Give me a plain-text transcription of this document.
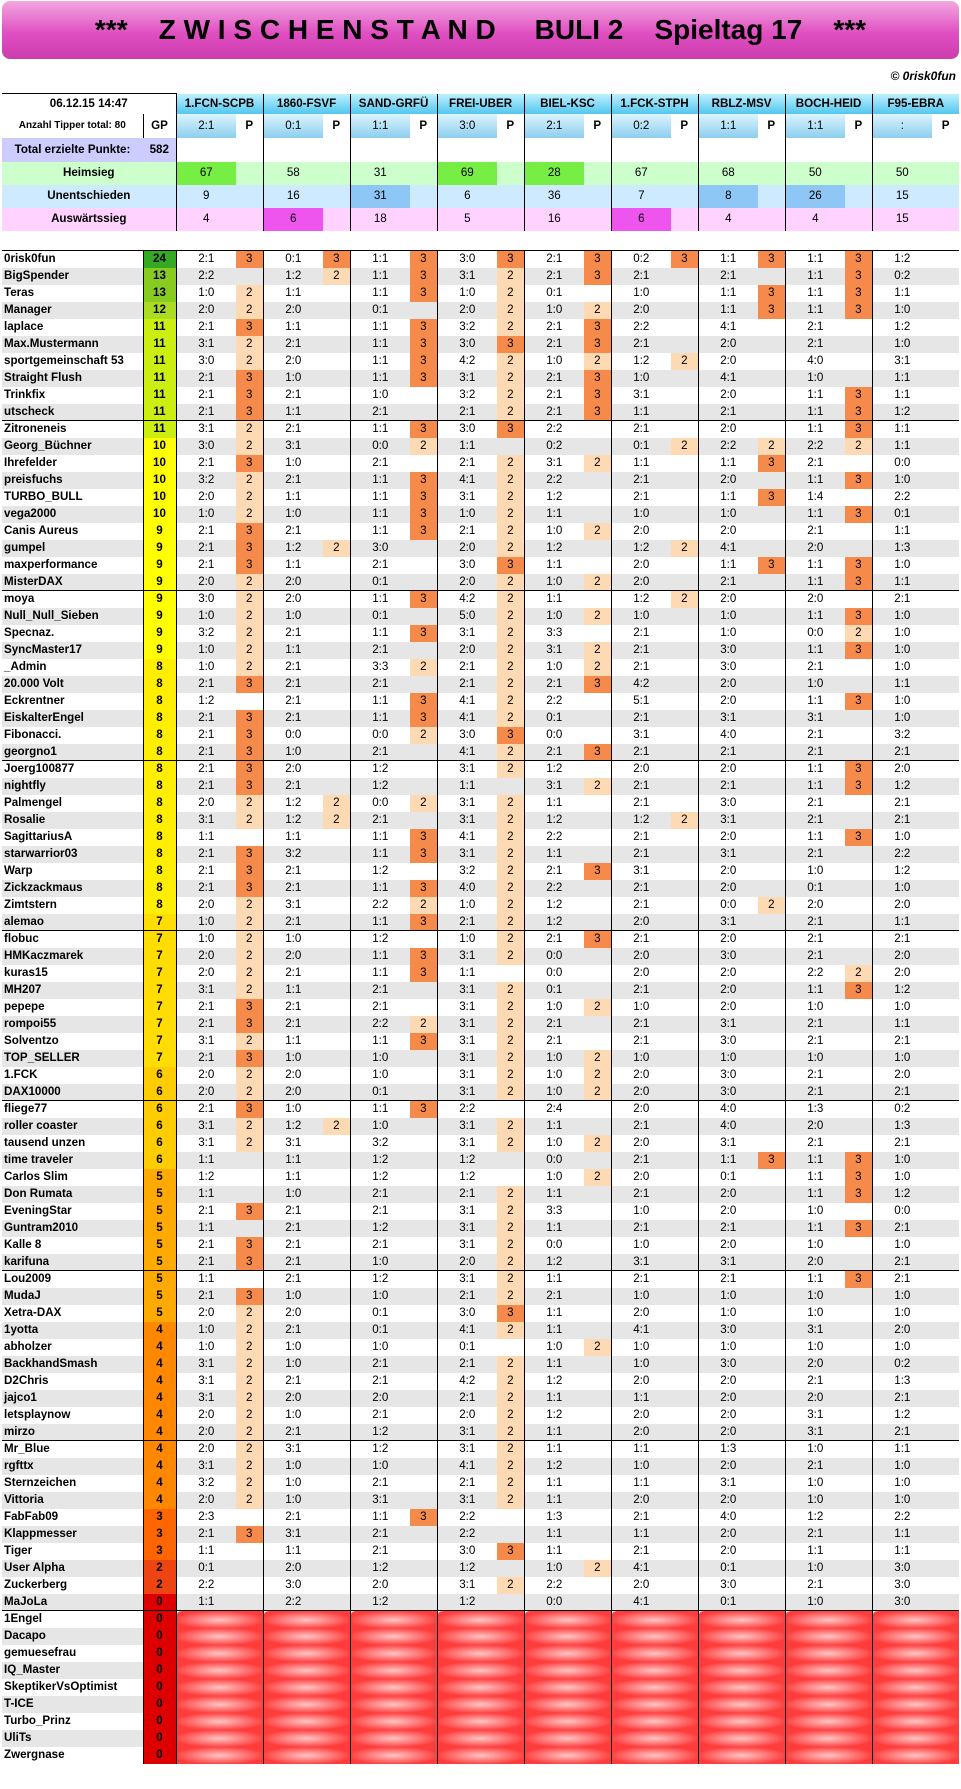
***    Z W I S C H E N S T A N D     BULI 2    Spieltag 17    ***
© 0risk0fun
06.12.15 14:47		1.FCN-SCPB		1860-FSVF		SAND-GRFÜ		FREI-UBER		BIEL-KSC		1.FCK-STPH		RBLZ-MSV		BOCH-HEID		F95-EBRA	
Anzahl Tipper total: 80	GP	2:1	P	0:1	P	1:1	P	3:0	P	2:1	P	0:2	P	1:1	P	1:1	P	:	P
Total erzielte Punkte:	582																		
Heimsieg		67		58		31		69		28		67		68		50		50	
Unentschieden		9		16		31		6		36		7		8		26		15	
Auswärtssieg		4		6		18		5		16		6		4		4		15	

0risk0fun	24	2:1	3	0:1	3	1:1	3	3:0	3	2:1	3	0:2	3	1:1	3	1:1	3	1:2	
BigSpender	13	2:2		1:2	2	1:1	3	3:1	2	2:1	3	2:1		2:1		1:1	3	0:2	
Teras	13	1:0	2	1:1		1:1	3	1:0	2	0:1		1:0		1:1	3	1:1	3	1:1	
Manager	12	2:0	2	2:0		0:1		2:0	2	1:0	2	2:0		1:1	3	1:1	3	1:0	
laplace	11	2:1	3	1:1		1:1	3	3:2	2	2:1	3	2:2		4:1		2:1		1:2	
Max.Mustermann	11	3:1	2	2:1		1:1	3	3:0	3	2:1	3	2:1		2:0		2:1		1:0	
sportgemeinschaft 53	11	3:0	2	2:0		1:1	3	4:2	2	1:0	2	1:2	2	2:0		4:0		3:1	
Straight Flush	11	2:1	3	1:0		1:1	3	3:1	2	2:1	3	1:0		4:1		1:0		1:1	
Trinkfix	11	2:1	3	2:1		1:0		3:2	2	2:1	3	3:1		2:0		1:1	3	1:1	
utscheck	11	2:1	3	1:1		2:1		2:1	2	2:1	3	1:1		2:1		1:1	3	1:2	
Zitroneneis	11	3:1	2	2:1		1:1	3	3:0	3	2:2		2:1		2:0		1:1	3	1:1	
Georg_Büchner	10	3:0	2	3:1		0:0	2	1:1		0:2		0:1	2	2:2	2	2:2	2	1:1	
Ihrefelder	10	2:1	3	1:0		2:1		2:1	2	3:1	2	1:1		1:1	3	2:1		0:0	
preisfuchs	10	3:2	2	2:1		1:1	3	4:1	2	2:2		2:1		2:0		1:1	3	1:0	
TURBO_BULL	10	2:0	2	1:1		1:1	3	3:1	2	1:2		2:1		1:1	3	1:4		2:2	
vega2000	10	1:0	2	1:0		1:1	3	1:0	2	1:1		1:0		1:0		1:1	3	0:1	
Canis Aureus	9	2:1	3	2:1		1:1	3	2:1	2	1:0	2	2:0		2:0		2:1		1:1	
gumpel	9	2:1	3	1:2	2	3:0		2:0	2	1:2		1:2	2	4:1		2:0		1:3	
maxperformance	9	2:1	3	1:1		2:1		3:0	3	1:1		2:0		1:1	3	1:1	3	1:0	
MisterDAX	9	2:0	2	2:0		0:1		2:0	2	1:0	2	2:0		2:1		1:1	3	1:1	
moya	9	3:0	2	2:0		1:1	3	4:2	2	1:1		1:2	2	2:0		2:0		2:1	
Null_Null_Sieben	9	1:0	2	1:0		0:1		5:0	2	1:0	2	1:0		1:0		1:1	3	1:0	
Specnaz.	9	3:2	2	2:1		1:1	3	3:1	2	3:3		2:1		1:0		0:0	2	1:0	
SyncMaster17	9	1:0	2	1:1		2:1		2:0	2	3:1	2	2:1		3:0		1:1	3	1:0	
_Admin	8	1:0	2	2:1		3:3	2	2:1	2	1:0	2	2:1		3:0		2:1		1:0	
20.000 Volt	8	2:1	3	2:1		2:1		2:1	2	2:1	3	4:2		2:0		1:0		1:1	
Eckrentner	8	1:2		2:1		1:1	3	4:1	2	2:2		5:1		2:0		1:1	3	1:0	
EiskalterEngel	8	2:1	3	2:1		1:1	3	4:1	2	0:1		2:1		3:1		3:1		1:0	
Fibonacci.	8	2:1	3	0:0		0:0	2	3:0	3	0:0		3:1		4:0		2:1		3:2	
georgno1	8	2:1	3	1:0		2:1		4:1	2	2:1	3	2:1		2:1		2:1		2:1	
Joerg100877	8	2:1	3	2:0		1:2		3:1	2	1:2		2:0		2:0		1:1	3	2:0	
nightfly	8	2:1	3	2:1		1:2		1:1		3:1	2	2:1		2:1		1:1	3	1:2	
Palmengel	8	2:0	2	1:2	2	0:0	2	3:1	2	1:1		2:1		3:0		2:1		2:1	
Rosalie	8	3:1	2	1:2	2	2:1		3:1	2	1:2		1:2	2	3:1		2:1		2:1	
SagittariusA	8	1:1		1:1		1:1	3	4:1	2	2:2		2:1		2:0		1:1	3	1:0	
starwarrior03	8	2:1	3	3:2		1:1	3	3:1	2	1:1		2:1		3:1		2:1		2:2	
Warp	8	2:1	3	2:1		1:2		3:2	2	2:1	3	3:1		2:0		1:0		1:2	
Zickzackmaus	8	2:1	3	2:1		1:1	3	4:0	2	2:2		2:1		2:0		0:1		1:0	
Zimtstern	8	2:0	2	3:1		2:2	2	1:0	2	1:2		2:1		0:0	2	2:0		2:0	
alemao	7	1:0	2	2:1		1:1	3	2:1	2	1:2		2:0		3:1		2:1		1:1	
flobuc	7	1:0	2	1:0		1:2		1:0	2	2:1	3	2:1		2:0		2:1		2:1	
HMKaczmarek	7	2:0	2	2:0		1:1	3	3:1	2	0:0		2:0		3:0		2:1		2:0	
kuras15	7	2:0	2	2:1		1:1	3	1:1		0:0		2:0		2:0		2:2	2	2:0	
MH207	7	3:1	2	1:1		2:1		3:1	2	0:1		2:1		2:0		1:1	3	1:2	
pepepe	7	2:1	3	2:1		2:1		3:1	2	1:0	2	1:0		2:0		1:0		1:0	
rompoi55	7	2:1	3	2:1		2:2	2	3:1	2	2:1		2:1		3:1		2:1		1:1	
Solventzo	7	3:1	2	1:1		1:1	3	3:1	2	2:1		2:1		3:0		2:1		2:1	
TOP_SELLER	7	2:1	3	1:0		1:0		3:1	2	1:0	2	1:0		1:0		1:0		1:0	
1.FCK	6	2:0	2	2:0		1:0		3:1	2	1:0	2	2:0		3:0		2:1		2:0	
DAX10000	6	2:0	2	2:0		0:1		3:1	2	1:0	2	2:0		3:0		2:1		2:1	
fliege77	6	2:1	3	1:0		1:1	3	2:2		2:4		2:0		4:0		1:3		0:2	
roller coaster	6	3:1	2	1:2	2	1:0		3:1	2	1:1		2:1		4:0		2:0		1:3	
tausend unzen	6	3:1	2	3:1		3:2		3:1	2	1:0	2	2:0		3:1		2:1		2:1	
time traveler	6	1:1		1:1		1:2		1:2		0:0		2:1		1:1	3	1:1	3	1:0	
Carlos Slim	5	1:2		1:1		1:2		1:2		1:0	2	2:0		0:1		1:1	3	1:0	
Don Rumata	5	1:1		1:0		2:1		2:1	2	1:1		2:1		2:0		1:1	3	1:2	
EveningStar	5	2:1	3	2:1		2:1		3:1	2	3:3		1:0		2:0		1:0		0:0	
Guntram2010	5	1:1		2:1		1:2		3:1	2	1:1		2:1		2:1		1:1	3	2:1	
Kalle 8	5	2:1	3	2:1		2:1		3:1	2	0:0		1:0		2:0		1:0		1:0	
karifuna	5	2:1	3	2:1		1:0		2:0	2	1:2		3:1		3:1		2:0		2:1	
Lou2009	5	1:1		2:1		1:2		3:1	2	1:1		2:1		2:1		1:1	3	2:1	
MudaJ	5	2:1	3	1:0		1:0		2:1	2	2:1		1:0		1:0		1:0		1:0	
Xetra-DAX	5	2:0	2	2:0		0:1		3:0	3	1:1		2:0		1:0		1:0		1:0	
1yotta	4	1:0	2	2:1		0:1		4:1	2	1:1		4:1		3:0		3:1		2:0	
abholzer	4	1:0	2	1:0		1:0		0:1		1:0	2	1:0		1:0		1:0		1:0	
BackhandSmash	4	3:1	2	1:0		2:1		2:1	2	1:1		1:0		3:0		2:0		0:2	
D2Chris	4	3:1	2	2:1		2:1		4:2	2	1:2		2:0		2:0		2:1		1:3	
jajco1	4	3:1	2	2:0		2:0		2:1	2	1:1		1:1		2:0		2:0		2:1	
letsplaynow	4	2:0	2	1:0		2:1		2:0	2	1:2		2:0		2:0		3:1		1:2	
mirzo	4	2:0	2	2:1		1:2		3:1	2	1:1		2:0		2:0		3:1		2:1	
Mr_Blue	4	2:0	2	3:1		1:2		3:1	2	1:1		1:1		1:3		1:0		1:1	
rgfttx	4	3:1	2	1:0		1:0		4:1	2	1:2		1:0		2:0		2:1		1:0	
Sternzeichen	4	3:2	2	1:0		2:1		2:1	2	1:1		1:1		3:1		1:0		1:0	
Vittoria	4	2:0	2	1:0		3:1		3:1	2	1:1		2:0		2:0		1:0		1:0	
FabFab09	3	2:3		2:1		1:1	3	2:2		1:3		2:1		4:0		1:2		2:2	
Klappmesser	3	2:1	3	3:1		2:1		2:2		1:1		1:1		2:0		2:1		1:1	
Tiger	3	1:1		1:1		2:1		3:0	3	1:1		2:1		2:0		1:1		1:1	
User Alpha	2	0:1		2:0		1:2		1:2		1:0	2	4:1		0:1		1:0		3:0	
Zuckerberg	2	2:2		3:0		2:0		3:1	2	2:2		2:0		3:0		2:1		3:0	
MaJoLa	0	1:1		2:2		1:2		1:2		0:0		4:1		0:1		1:0		3:0	
1Engel	0																		
Dacapo	0																		
gemuesefrau	0																		
IQ_Master	0																		
SkeptikerVsOptimist	0																		
T-ICE	0																		
Turbo_Prinz	0																		
UliTs	0																		
Zwergnase	0																		
